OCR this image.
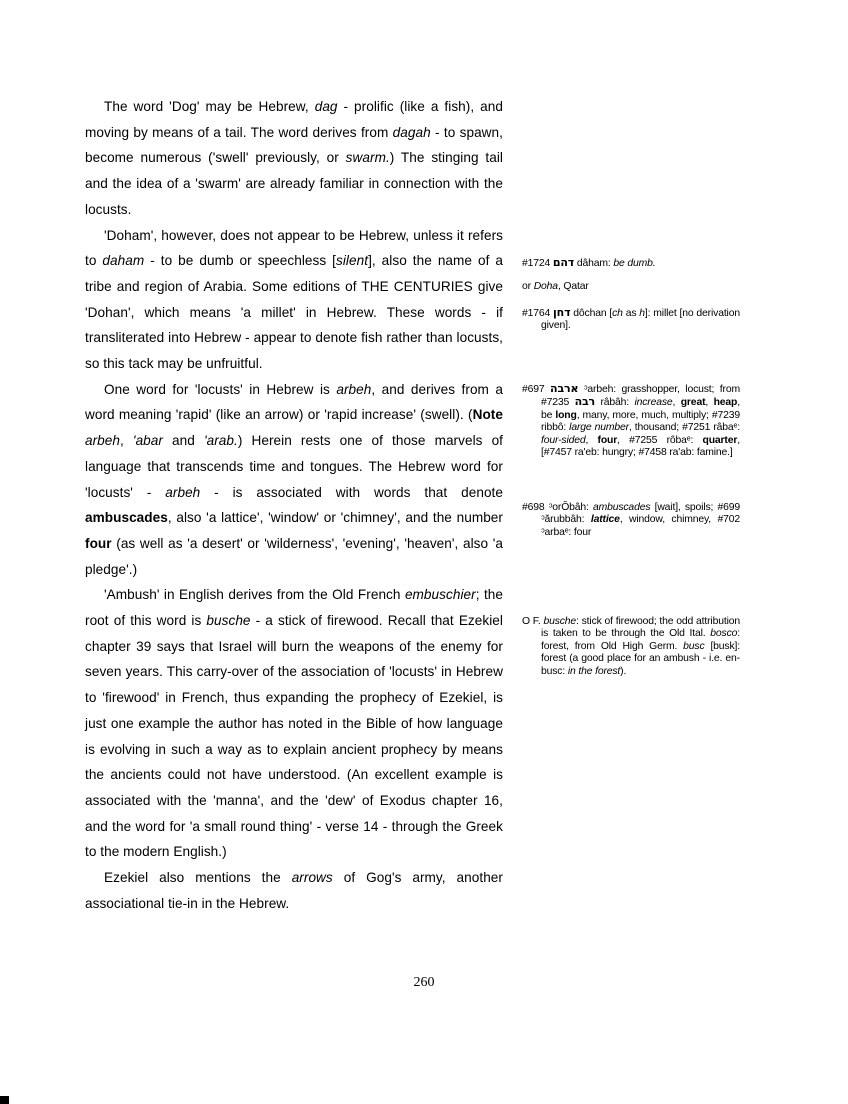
The word 'Dog' may be Hebrew, dag - prolific (like a fish), and moving by means of a tail. The word derives from dagah - to spawn, become numerous ('swell' previously, or swarm.) The stinging tail and the idea of a 'swarm' are already familiar in connection with the locusts.

'Doham', however, does not appear to be Hebrew, unless it refers to daham - to be dumb or speechless [silent], also the name of a tribe and region of Arabia. Some editions of THE CENTURIES give 'Dohan', which means 'a millet' in Hebrew. These words - if transliterated into Hebrew - appear to denote fish rather than locusts, so this tack may be unfruitful.

One word for 'locusts' in Hebrew is arbeh, and derives from a word meaning 'rapid' (like an arrow) or 'rapid increase' (swell). (Note arbeh, 'abar and 'arab.) Herein rests one of those marvels of language that transcends time and tongues. The Hebrew word for 'locusts' - arbeh - is associated with words that denote ambuscades, also 'a lattice', 'window' or 'chimney', and the number four (as well as 'a desert' or 'wilderness', 'evening', 'heaven', also 'a pledge'.)

'Ambush' in English derives from the Old French embuschier; the root of this word is busche - a stick of firewood. Recall that Ezekiel chapter 39 says that Israel will burn the weapons of the enemy for seven years. This carry-over of the association of 'locusts' in Hebrew to 'firewood' in French, thus expanding the prophecy of Ezekiel, is just one example the author has noted in the Bible of how language is evolving in such a way as to explain ancient prophecy by means the ancients could not have understood. (An excellent example is associated with the 'manna', and the 'dew' of Exodus chapter 16, and the word for 'a small round thing' - verse 14 - through the Greek to the modern English.)

Ezekiel also mentions the arrows of Gog's army, another associational tie-in in the Hebrew.

#1724 דהם dâham: be dumb.

or Doha, Qatar

#1764 דחן dôchan [ch as h]: millet [no derivation given].

#697 ארבה ᵓarbeh: grasshopper, locust; from #7235 רבה râbâh: increase, great, heap, be long, many, more, much, multiply; #7239 ribbô: large number, thousand; #7251 râbaᵉ: four-sided, four, #7255 rôbaᵉ: quarter, [#7457 ra'eb: hungry; #7458 ra'ab: famine.]

#698 ᵓorŎbâh: ambuscades [wait], spoils; #699 ᵓărubbâh: lattice, window, chimney, #702 ᵓarbaᵉ: four

O F. busche: stick of firewood; the odd attribution is taken to be through the Old Ital. bosco: forest, from Old High Germ. busc [busk]: forest (a good place for an ambush - i.e. en-busc: in the forest).

260
